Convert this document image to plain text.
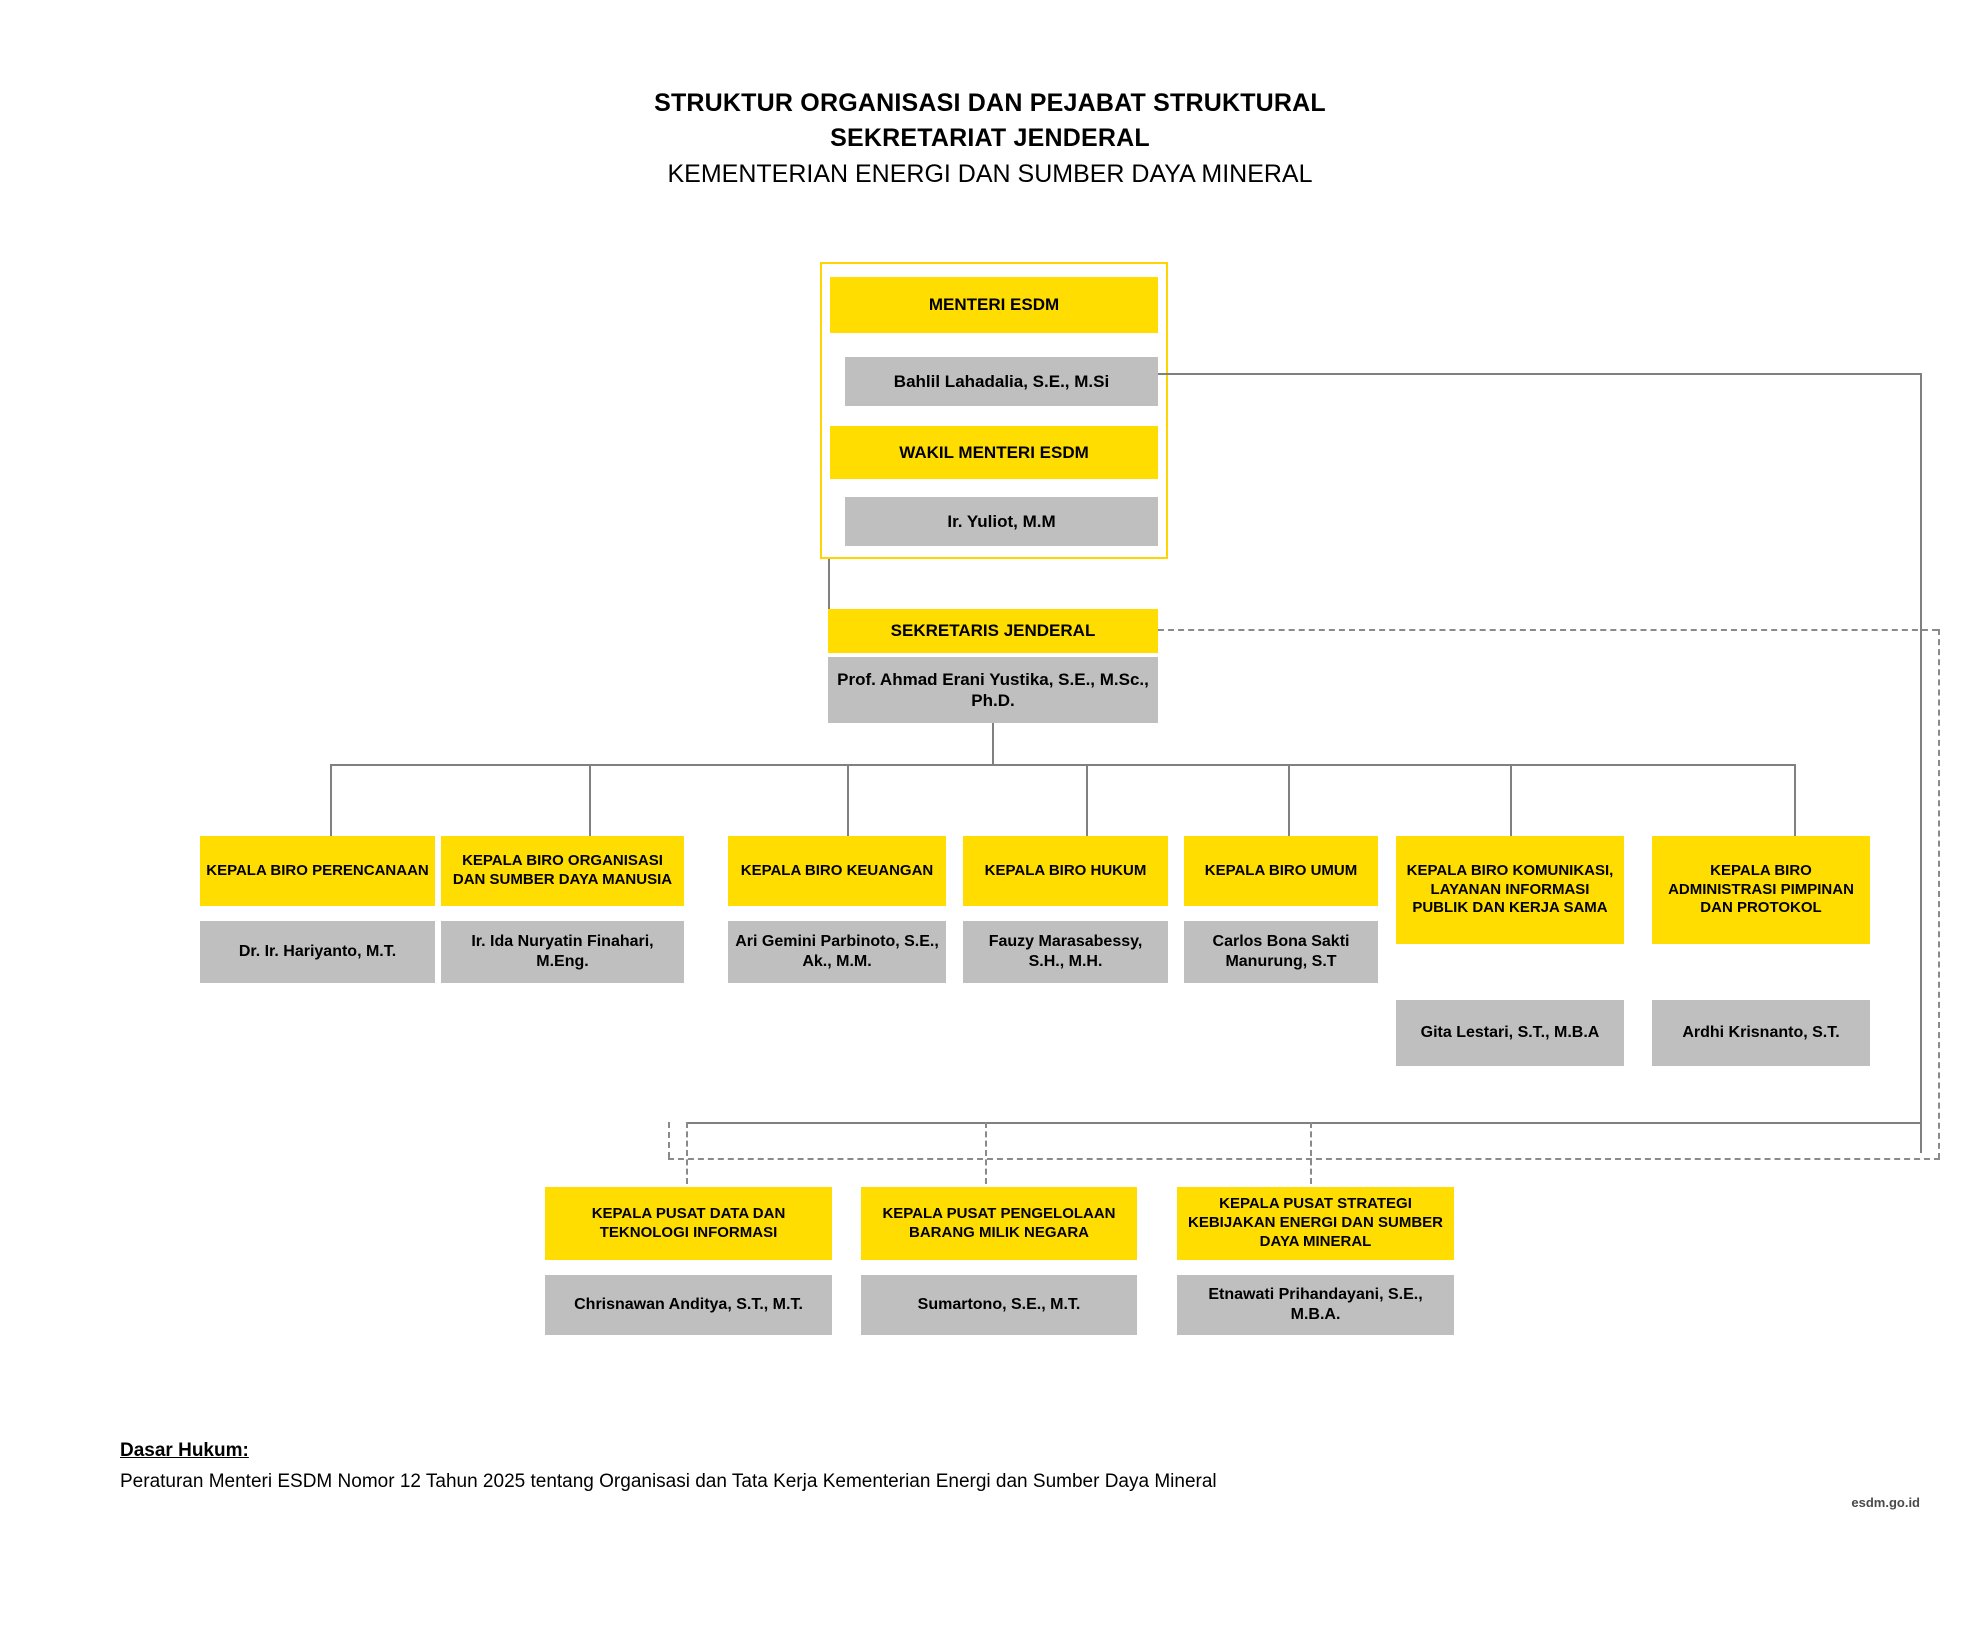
STRUKTUR ORGANISASI DAN PEJABAT STRUKTURAL
SEKRETARIAT JENDERAL
KEMENTERIAN ENERGI DAN SUMBER DAYA MINERAL
MENTERI ESDM
Bahlil Lahadalia, S.E., M.Si
WAKIL MENTERI ESDM
Ir. Yuliot, M.M
SEKRETARIS JENDERAL
Prof. Ahmad Erani Yustika, S.E., M.Sc., Ph.D.
KEPALA BIRO PERENCANAAN
Dr. Ir. Hariyanto, M.T.
KEPALA BIRO ORGANISASI DAN SUMBER DAYA MANUSIA
Ir. Ida Nuryatin Finahari, M.Eng.
KEPALA BIRO KEUANGAN
Ari Gemini Parbinoto, S.E., Ak., M.M.
KEPALA BIRO HUKUM
Fauzy Marasabessy, S.H., M.H.
KEPALA BIRO UMUM
Carlos Bona Sakti Manurung, S.T
KEPALA BIRO KOMUNIKASI, LAYANAN INFORMASI PUBLIK DAN KERJA SAMA
Gita Lestari, S.T., M.B.A
KEPALA BIRO ADMINISTRASI PIMPINAN DAN PROTOKOL
Ardhi Krisnanto, S.T.
KEPALA PUSAT DATA DAN TEKNOLOGI INFORMASI
Chrisnawan Anditya, S.T., M.T.
KEPALA PUSAT PENGELOLAAN BARANG MILIK NEGARA
Sumartono, S.E., M.T.
KEPALA PUSAT STRATEGI KEBIJAKAN ENERGI DAN SUMBER DAYA MINERAL
Etnawati Prihandayani, S.E., M.B.A.
Dasar Hukum:
Peraturan Menteri ESDM Nomor 12 Tahun 2025 tentang Organisasi dan Tata Kerja Kementerian Energi dan Sumber Daya Mineral
esdm.go.id
